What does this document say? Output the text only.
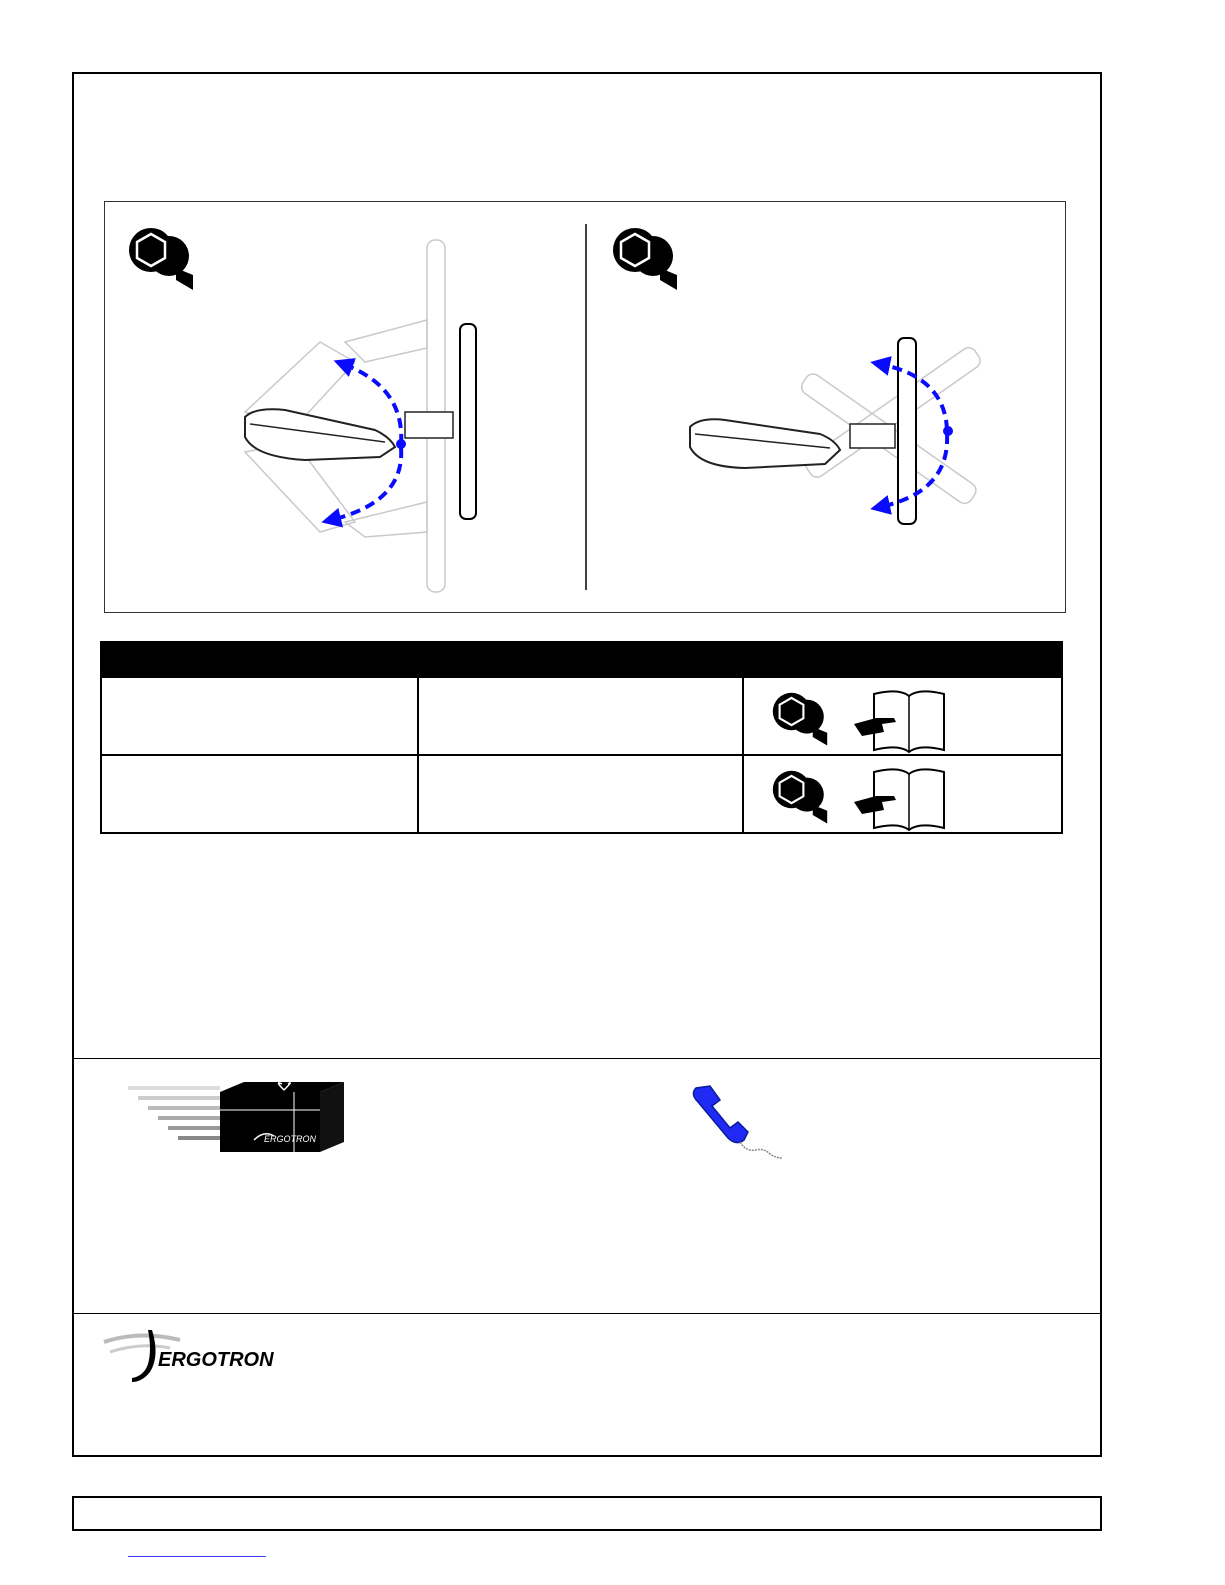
ERGOTRON
ERGOTRON
